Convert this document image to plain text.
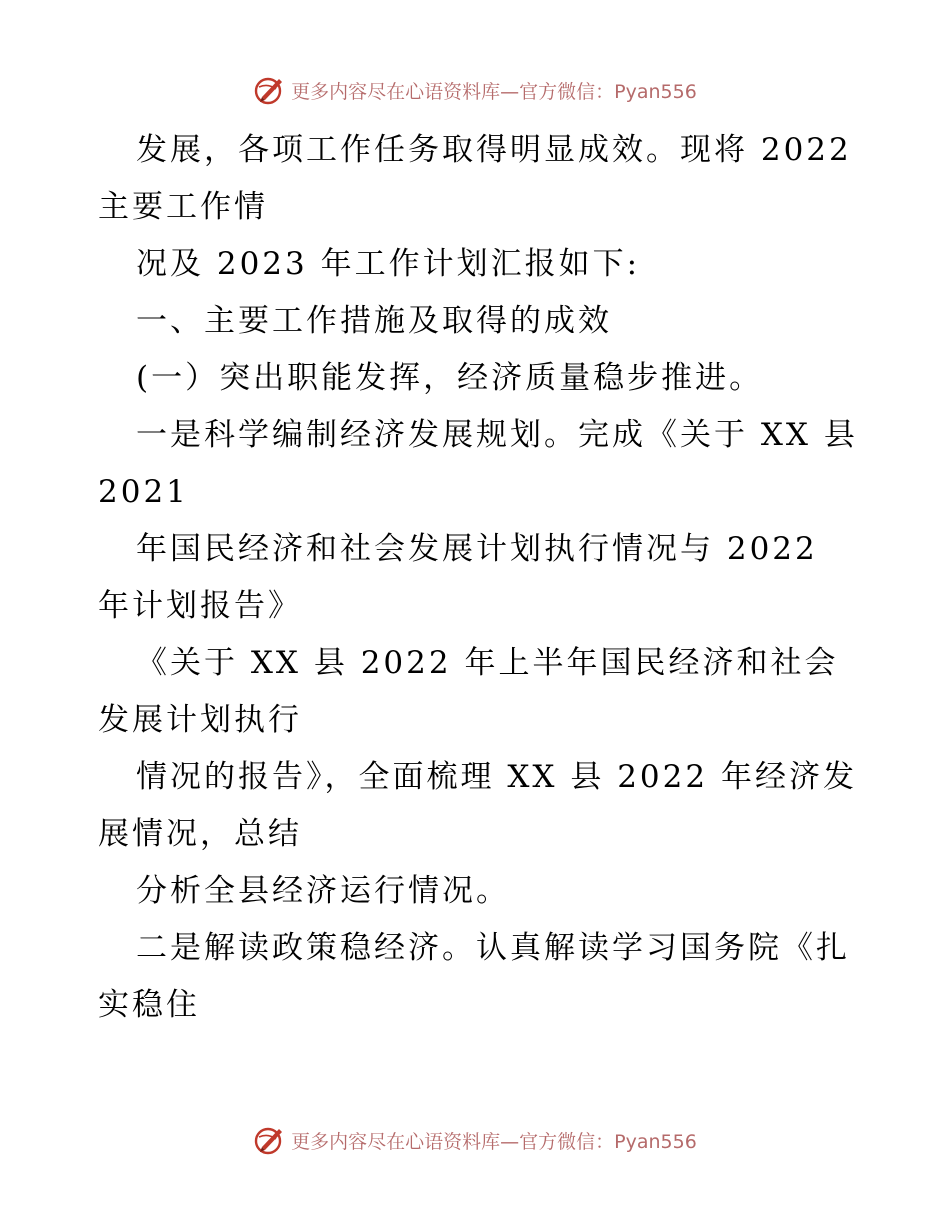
更多内容尽在心语资料库—官方微信：Pyan556

发展，各项工作任务取得明显成效。现将 2022 主要工作情

况及 2023 年工作计划汇报如下:

一、主要工作措施及取得的成效

(一）突出职能发挥，经济质量稳步推进。

一是科学编制经济发展规划。完成《关于 XX 县 2021

年国民经济和社会发展计划执行情况与 2022 年计划报告》

《关于 XX 县 2022 年上半年国民经济和社会发展计划执行

情况的报告》，全面梳理 XX 县 2022 年经济发展情况，总结

分析全县经济运行情况。

二是解读政策稳经济。认真解读学习国务院《扎实稳住

更多内容尽在心语资料库—官方微信：Pyan556
